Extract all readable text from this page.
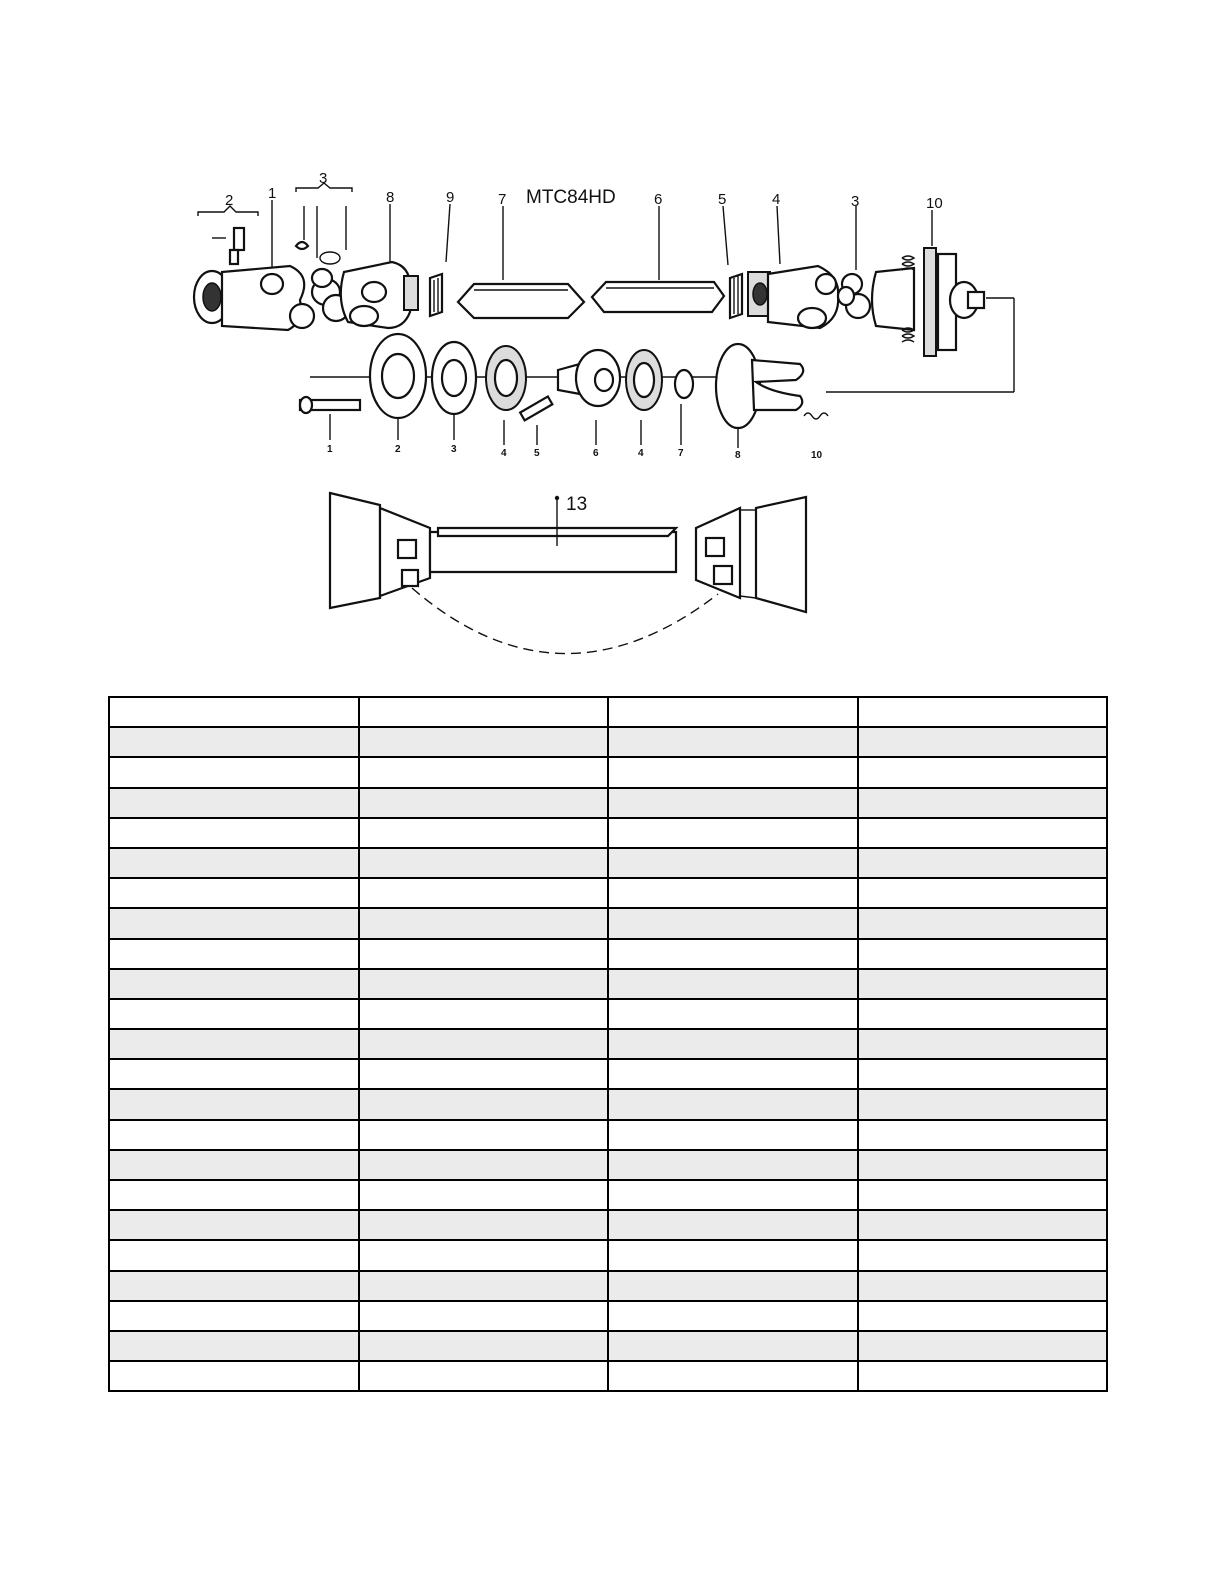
MTC84HD
2 1
3
8	9	7	6	5	4	3	10
1	2	3	4	5	6	4	7	8	10
13
